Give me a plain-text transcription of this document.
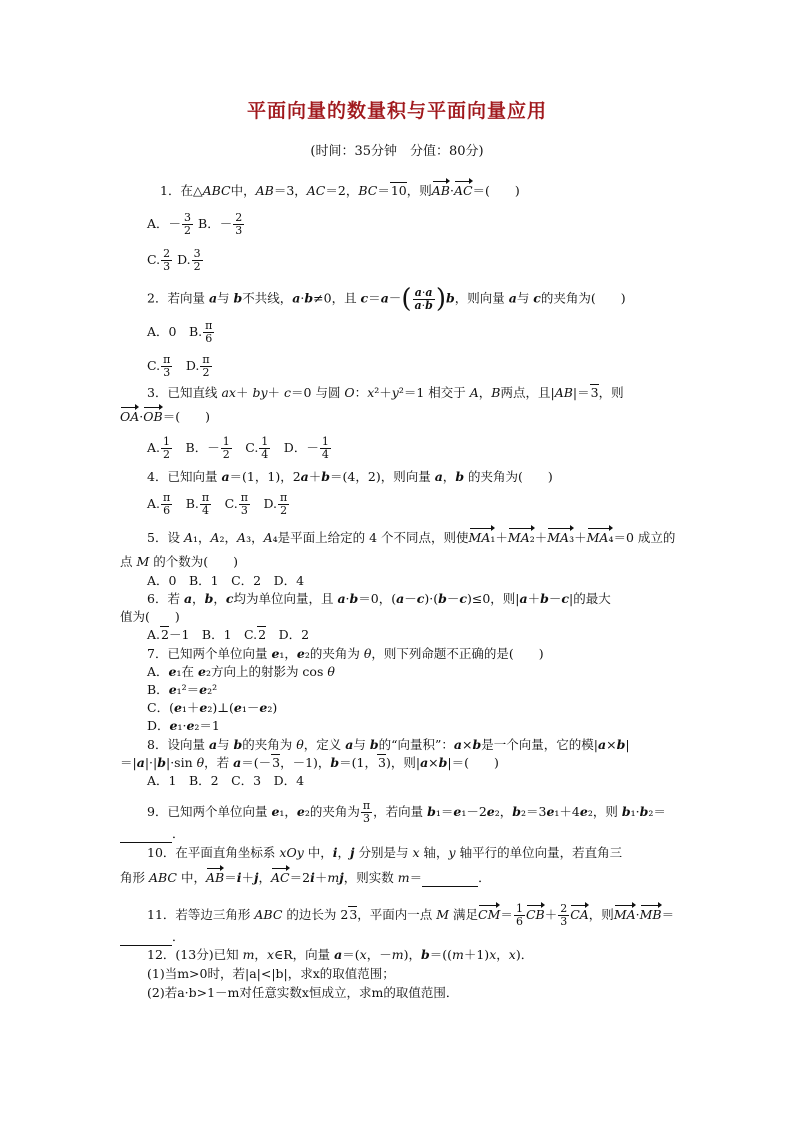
平面向量的数量积与平面向量应用
(时间：35分钟　分值：80分)
1．在△ABC中，AB＝3，AC＝2，BC＝10，则AB·AC＝(　　)
A．－ $\frac{3}{2}$ B．－ $\frac{2}{3}$
C. $\frac{2}{3} D$. $\frac{3}{2}$
2．若向量 a与 b不共线，a·b≠0，且 c＝a－ ( a·a
a·b ) b，则向量 a与 c的夹角为(　　)
A．0　B. $\frac{\pi}{6}$
C. $\frac{\pi}{3}$ 　D. $\frac{\pi}{2}$
3．已知直线 ax＋ by＋ c＝0 与圆 O：x²＋y²＝1 相交于 A，B两点，且|AB|＝3，则
OA·OB＝(　　)
A. $\frac{1}{2}$ 　B．－ $\frac{1}{2}$ 　C. $\frac{1}{4}$ 　D．－ $\frac{1}{4}$
4．已知向量 a＝(1，1)，2a＋b＝(4，2)，则向量 a，b 的夹角为(　　)
A. $\frac{\pi}{6}$ 　B. $\frac{\pi}{4}$ 　C. $\frac{\pi}{3}$ 　D. $\frac{\pi}{2}$
5．设 A₁，A₂，A₃，A₄是平面上给定的 4 个不同点，则使MA₁＋MA₂＋MA₃＋MA₄＝0 成立的
点 M 的个数为(　　)
A．0　B．1　C．2　D．4
6．若 a，b，c均为单位向量，且 a·b＝0，(a－c)·(b－c)≤0，则|a＋b－c|的最大
值为(　　)
A.2－1　B．1　C.2　D．2
7．已知两个单位向量 e₁，e₂的夹角为 θ，则下列命题不正确的是(　　)
A．e₁在 e₂方向上的射影为 cos θ
B．e₁²＝e₂²
C．(e₁＋e₂)⊥(e₁－e₂)
D．e₁·e₂＝1
8．设向量 a与 b的夹角为 θ，定义 a与 b的“向量积”：a×b是一个向量，它的模|a×b|
＝|a|·|b|·sin θ，若 a＝(－3，－1)，b＝(1，3)，则|a×b|＝(　　)
A．1　B．2　C．3　D．4
9．已知两个单位向量 e₁，e₂的夹角为 $\frac{\pi}{3}$ ，若向量 b₁＝e₁－2e₂，b₂＝3e₁＋4e₂，则 b₁·b₂＝
．
10．在平面直角坐标系 xOy 中，i，j 分别是与 x 轴，y 轴平行的单位向量，若直角三
角形 ABC 中，AB＝i＋j，AC＝2i＋mj，则实数 m＝	．
11．若等边三角形 ABC 的边长为 23，平面内一点 M 满足$CM= \frac{1}{6} CB+ \frac{2}{3}$ CA，则MA·MB＝
．
12．(13分)已知 m，x∈R，向量 a＝(x，－m)，b＝((m＋1)x，x)．
(1)当m>0时，若|a|<|b|，求x的取值范围；
(2)若a·b>1－m对任意实数x恒成立，求m的取值范围．
